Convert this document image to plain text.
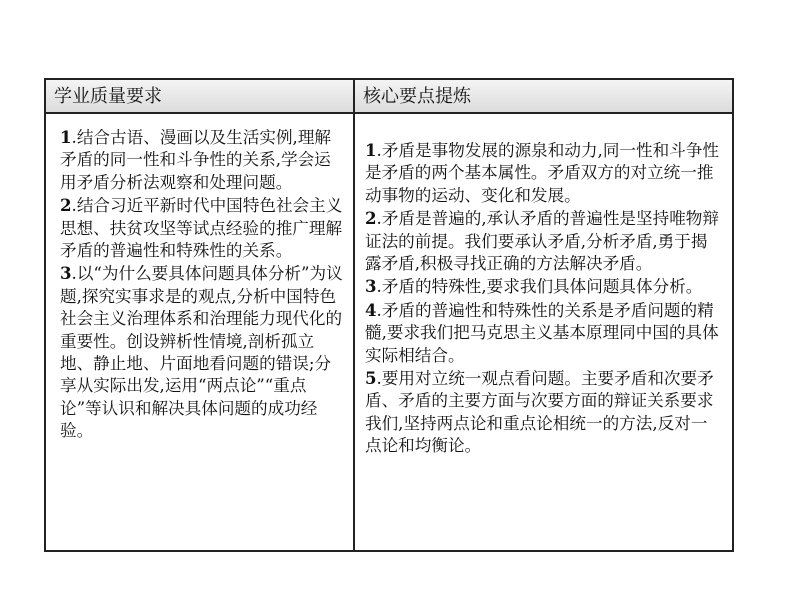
学业质量要求	核心要点提炼

1.结合古语、漫画以及生活实例,理解矛盾的同一性和斗争性的关系,学会运用矛盾分析法观察和处理问题。

2.结合习近平新时代中国特色社会主义思想、扶贫攻坚等试点经验的推广理解矛盾的普遍性和特殊性的关系。

3.以“为什么要具体问题具体分析”为议题,探究实事求是的观点,分析中国特色社会主义治理体系和治理能力现代化的重要性。创设辨析性情境,剖析孤立地、静止地、片面地看问题的错误;分享从实际出发,运用“两点论”“重点论”等认识和解决具体问题的成功经验。

1.矛盾是事物发展的源泉和动力,同一性和斗争性是矛盾的两个基本属性。矛盾双方的对立统一推动事物的运动、变化和发展。

2.矛盾是普遍的,承认矛盾的普遍性是坚持唯物辩证法的前提。我们要承认矛盾,分析矛盾,勇于揭露矛盾,积极寻找正确的方法解决矛盾。

3.矛盾的特殊性,要求我们具体问题具体分析。

4.矛盾的普遍性和特殊性的关系是矛盾问题的精髓,要求我们把马克思主义基本原理同中国的具体实际相结合。

5.要用对立统一观点看问题。主要矛盾和次要矛盾、矛盾的主要方面与次要方面的辩证关系要求我们,坚持两点论和重点论相统一的方法,反对一点论和均衡论。
